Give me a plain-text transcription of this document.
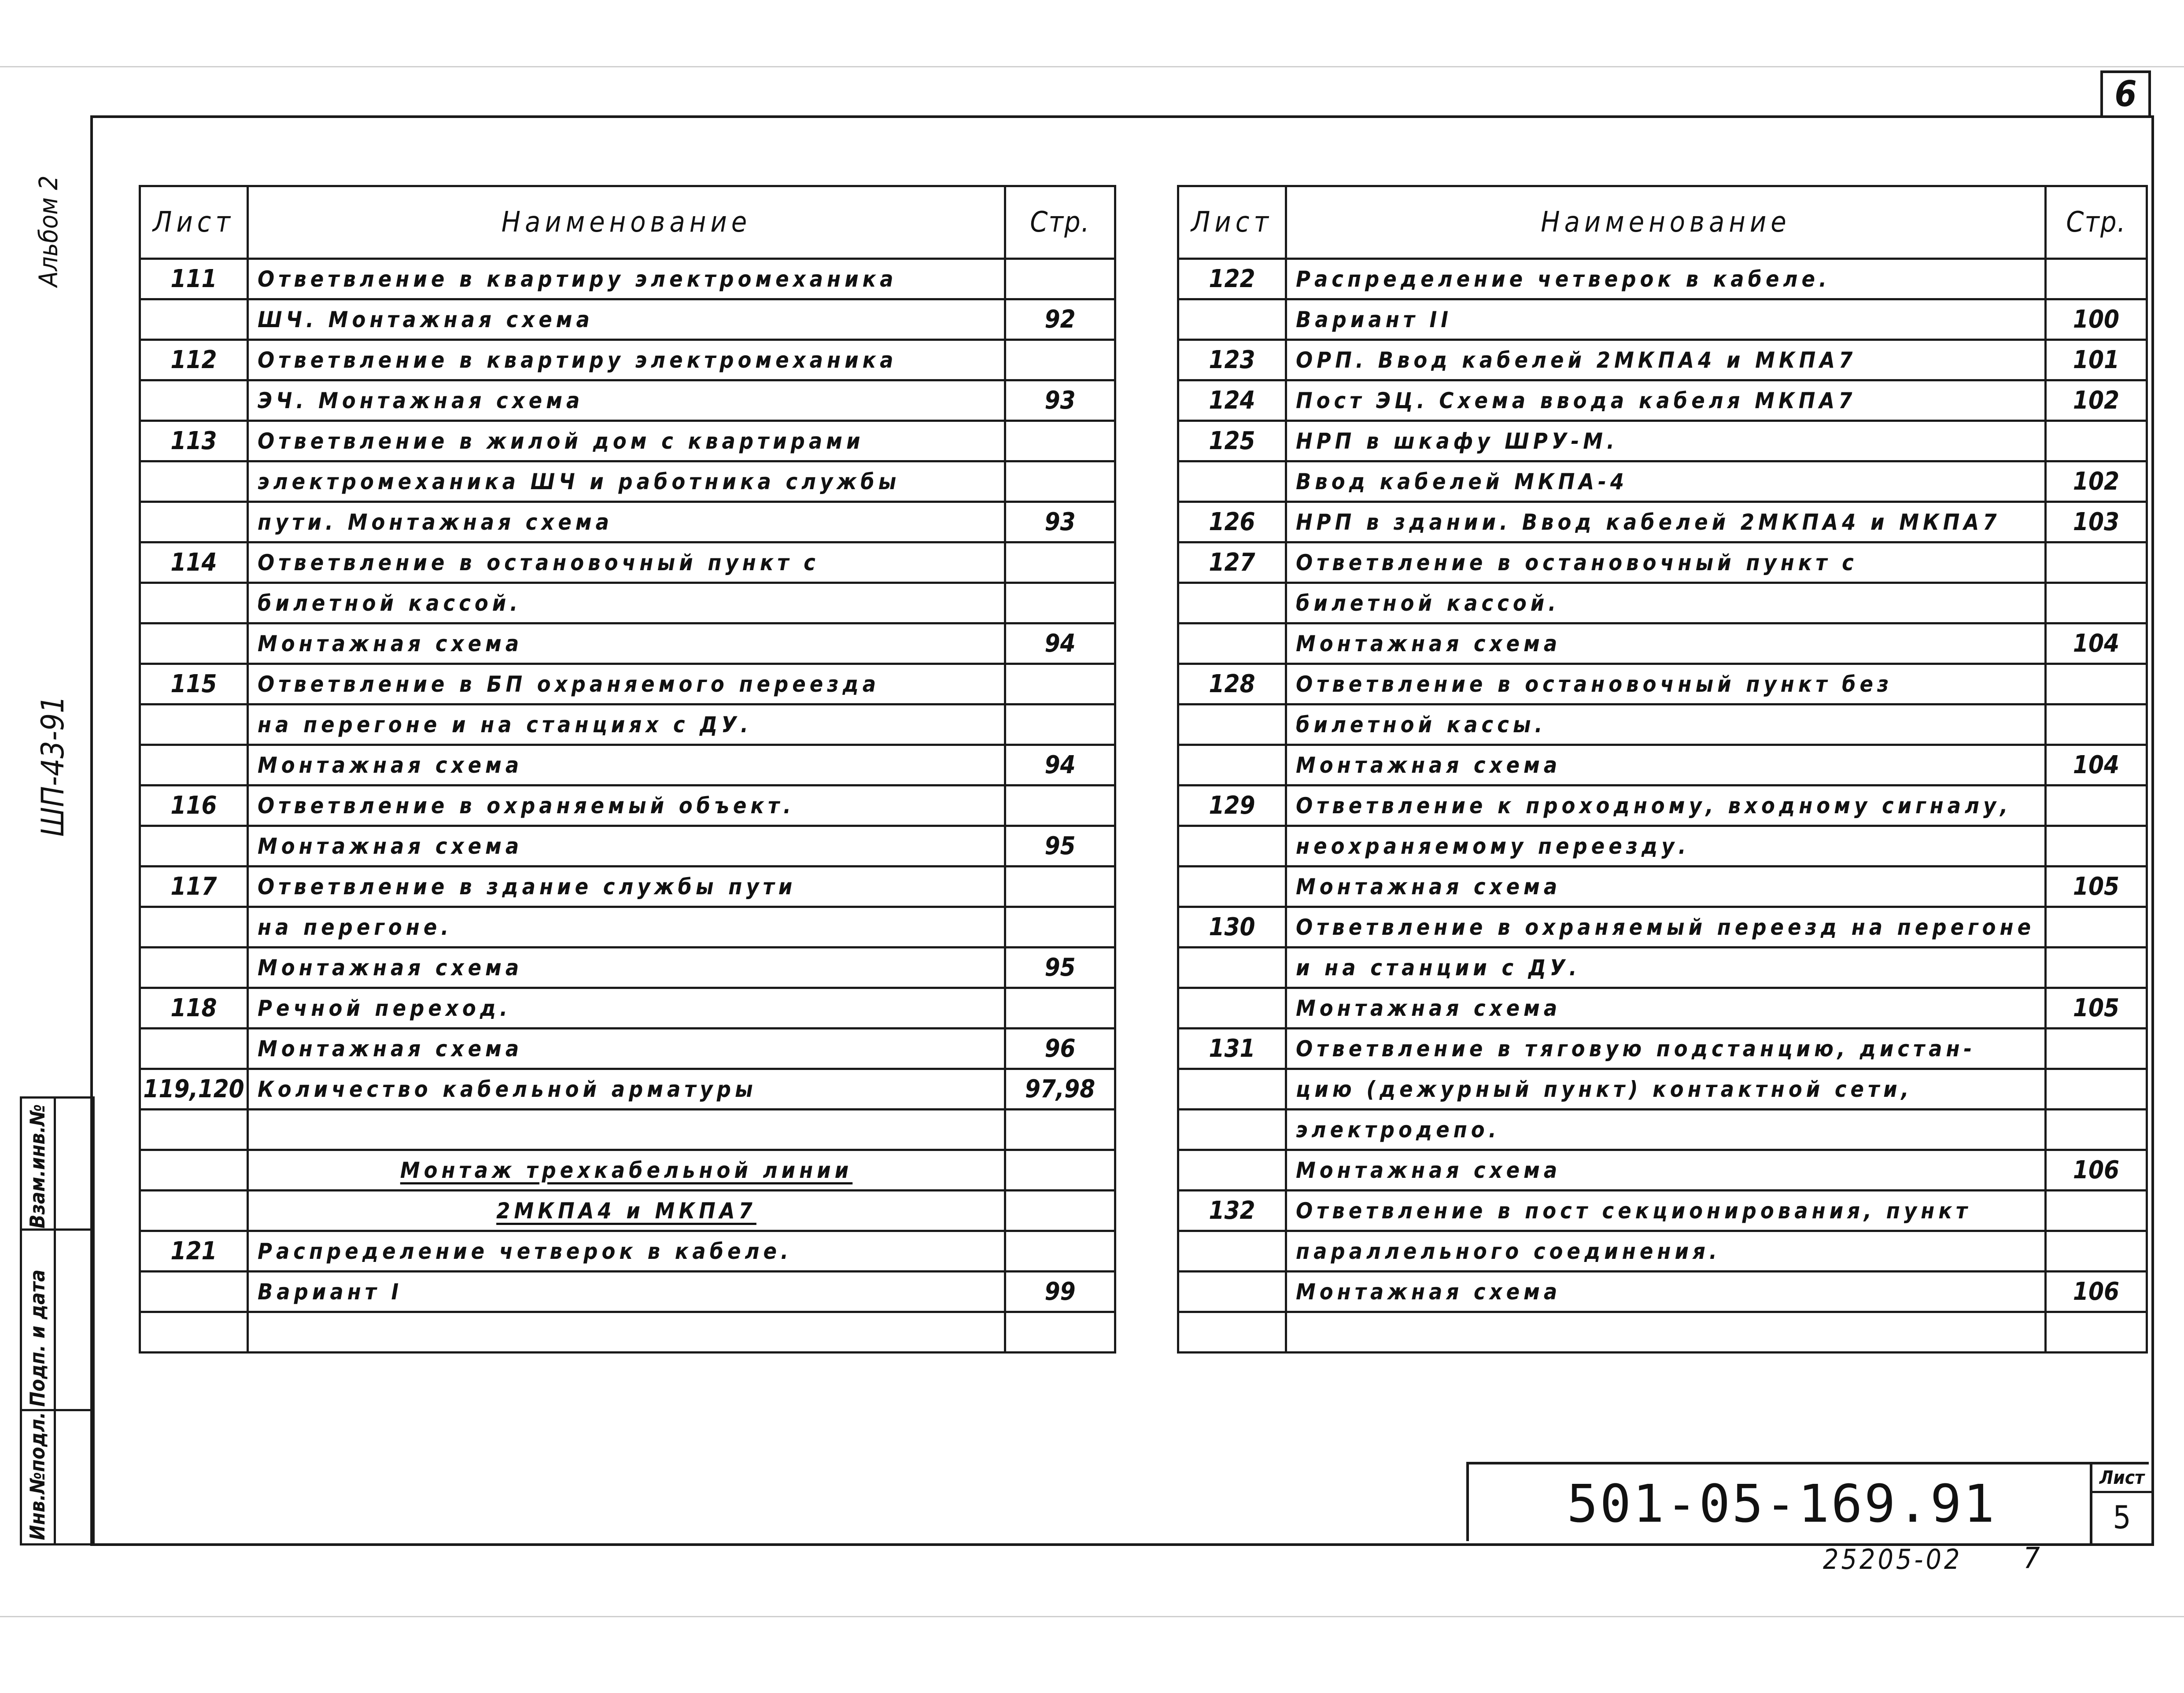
6
Альбом 2
ШП-43-91
Инв.№подл.
Подп. и дата
Взам.инв.№
Лист	Наименование	Стр.
111	Ответвление в квартиру электромеханика	
	ШЧ. Монтажная схема	92
112	Ответвление в квартиру электромеханика	
	ЭЧ. Монтажная схема	93
113	Ответвление в жилой дом с квартирами	
	электромеханика ШЧ и работника службы	
	пути. Монтажная схема	93
114	Ответвление в остановочный пункт с	
	билетной кассой.	
	Монтажная схема	94
115	Ответвление в БП охраняемого переезда	
	на перегоне и на станциях с ДУ.	
	Монтажная схема	94
116	Ответвление в охраняемый объект.	
	Монтажная схема	95
117	Ответвление в здание службы пути	
	на перегоне.	
	Монтажная схема	95
118	Речной переход.	
	Монтажная схема	96
119,120	Количество кабельной арматуры	97,98

	Монтаж трехкабельной линии	
	2МКПА4 и МКПА7	
121	Распределение четверок в кабеле.	
	Вариант I	99

Лист	Наименование	Стр.
122	Распределение четверок в кабеле.	
	Вариант II	100
123	ОРП. Ввод кабелей 2МКПА4 и МКПА7	101
124	Пост ЭЦ. Схема ввода кабеля МКПА7	102
125	НРП в шкафу ШРУ-М.	
	Ввод кабелей МКПА-4	102
126	НРП в здании. Ввод кабелей 2МКПА4 и МКПА7	103
127	Ответвление в остановочный пункт с	
	билетной кассой.	
	Монтажная схема	104
128	Ответвление в остановочный пункт без	
	билетной кассы.	
	Монтажная схема	104
129	Ответвление к проходному, входному сигналу,	
	неохраняемому переезду.	
	Монтажная схема	105
130	Ответвление в охраняемый переезд на перегоне	
	и на станции с ДУ.	
	Монтажная схема	105
131	Ответвление в тяговую подстанцию, дистан-	
	цию (дежурный пункт) контактной сети,	
	электродепо.	
	Монтажная схема	106
132	Ответвление в пост секционирования, пункт	
	параллельного соединения.	
	Монтажная схема	106

501-05-169.91	Лист
5
25205-02 7
